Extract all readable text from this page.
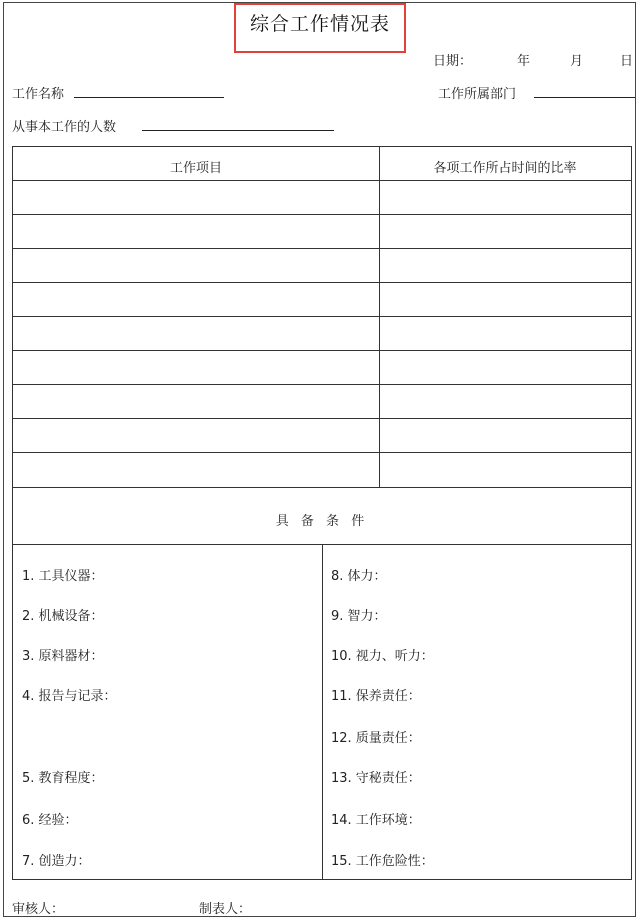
综合工作情况表
日期：	年	月	日
工作名称	工作所属部门
从事本工作的人数
工作项目	各项工作所占时间的比率
具 备 条 件
1. 工具仪器：
2. 机械设备：
3. 原料器材：
4. 报告与记录：
5. 教育程度：
6. 经验：
7. 创造力：
8. 体力：
9. 智力：
10. 视力、听力：
11. 保养责任：
12. 质量责任：
13. 守秘责任：
14. 工作环境：
15. 工作危险性：
审核人：	制表人：
